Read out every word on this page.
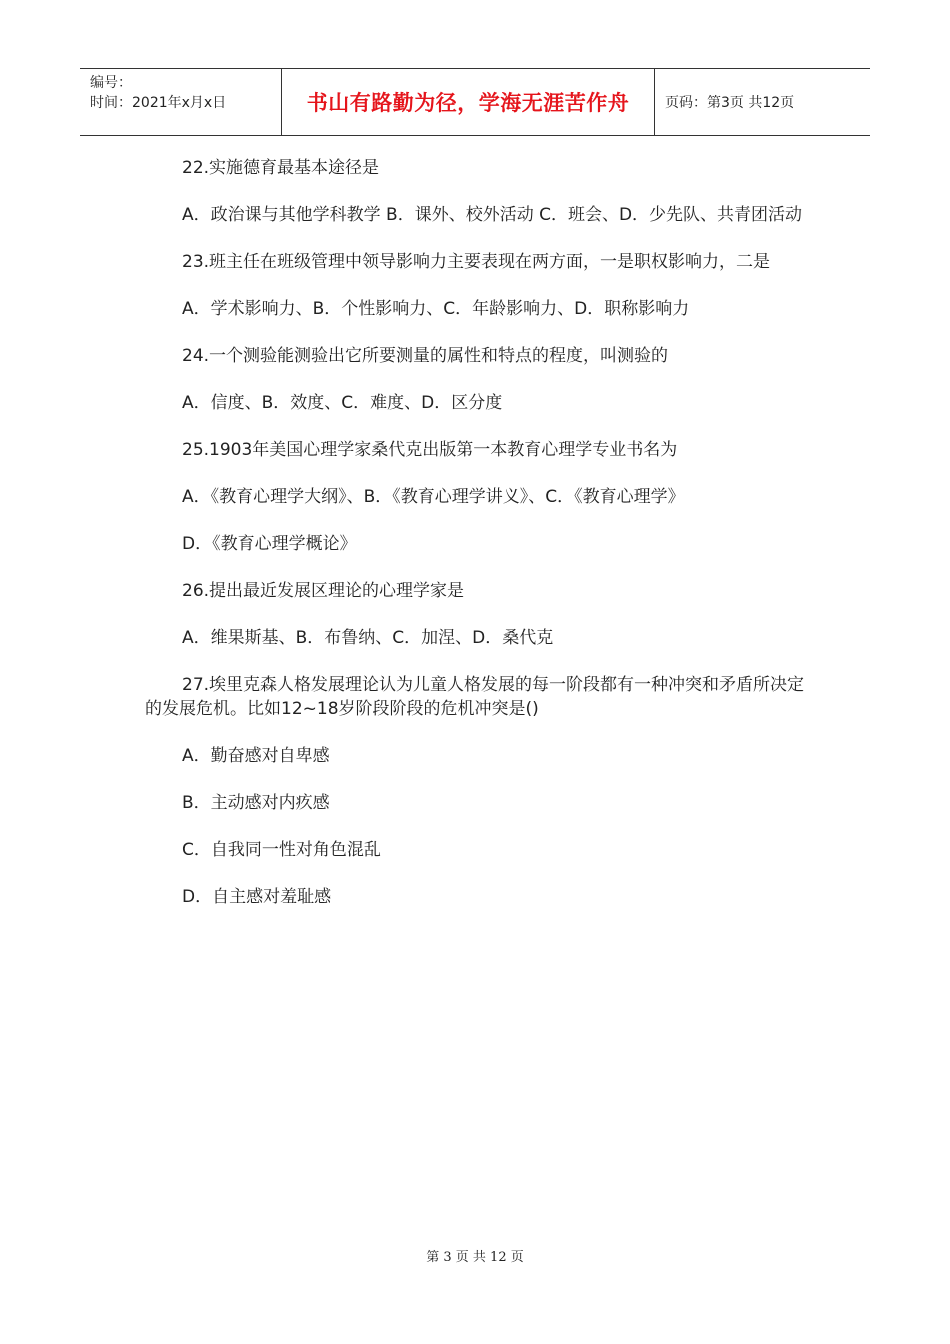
编号：
时间：2021年x月x日	书山有路勤为径，学海无涯苦作舟	页码：第3页 共12页

22.实施德育最基本途径是

A．政治课与其他学科教学 B．课外、校外活动 C．班会、D．少先队、共青团活动

23.班主任在班级管理中领导影响力主要表现在两方面，一是职权影响力，二是

A．学术影响力、B．个性影响力、C．年龄影响力、D．职称影响力

24.一个测验能测验出它所要测量的属性和特点的程度，叫测验的

A．信度、B．效度、C．难度、D．区分度

25.1903年美国心理学家桑代克出版第一本教育心理学专业书名为

A．《教育心理学大纲》、B．《教育心理学讲义》、C．《教育心理学》

D．《教育心理学概论》

26.提出最近发展区理论的心理学家是

A．维果斯基、B．布鲁纳、C．加涅、D．桑代克

27.埃里克森人格发展理论认为儿童人格发展的每一阶段都有一种冲突和矛盾所决定的发展危机。比如12~18岁阶段阶段的危机冲突是()

A．勤奋感对自卑感

B．主动感对内疚感

C．自我同一性对角色混乱

D．自主感对羞耻感

第 3 页 共 12 页
